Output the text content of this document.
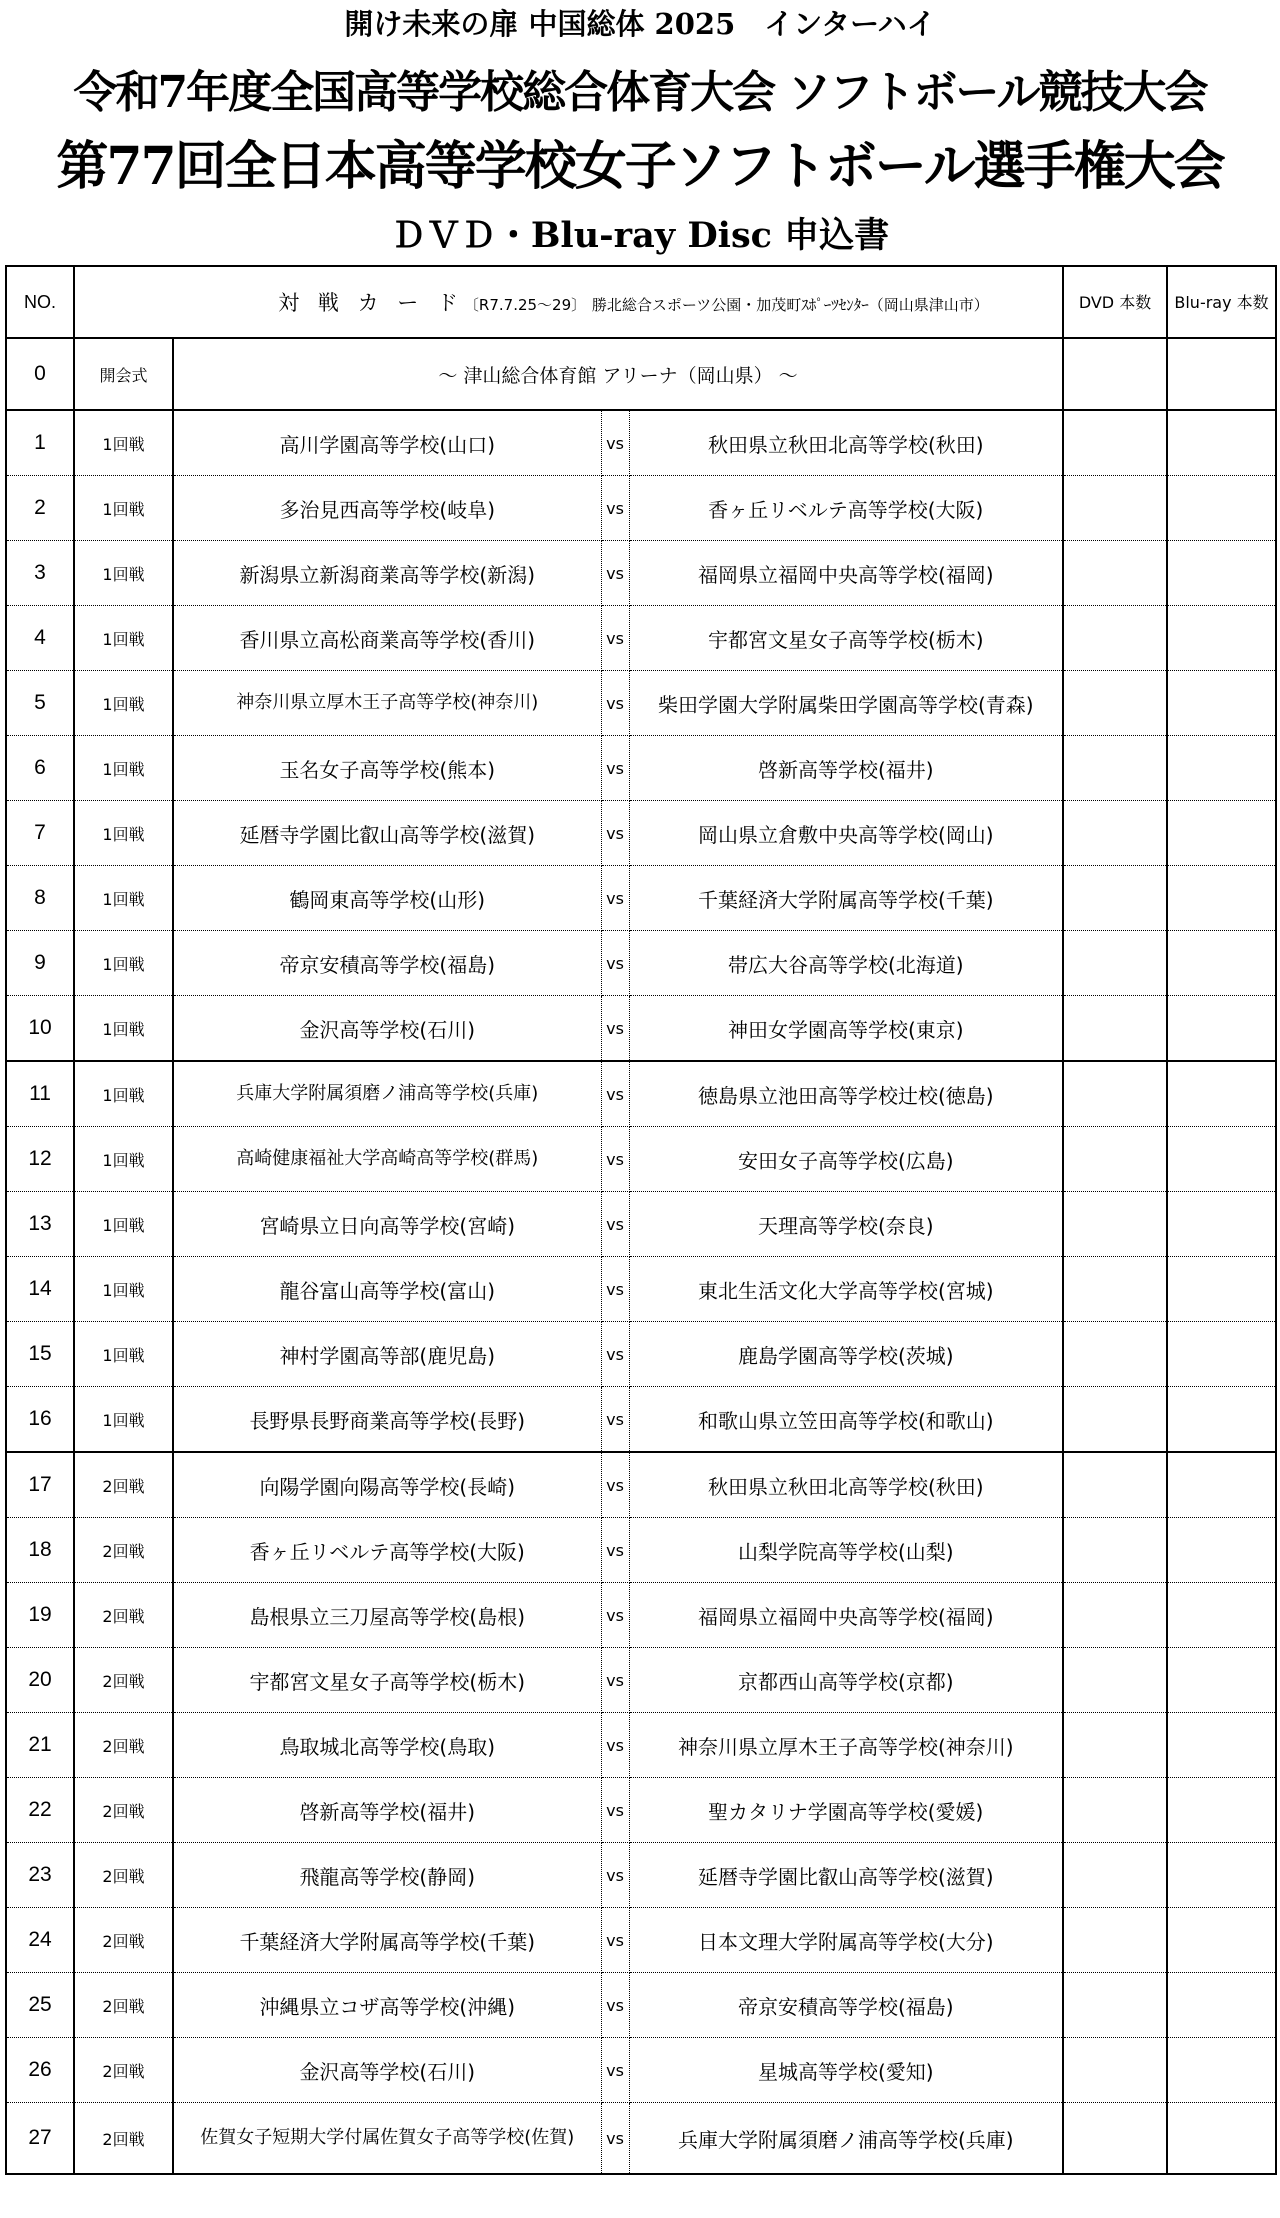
開け未来の扉 中国総体 2025　インターハイ
令和7年度全国高等学校総合体育大会 ソフトボール競技大会
第77回全日本高等学校女子ソフトボール選手権大会
ＤＶＤ・Blu-ray Disc 申込書
NO.	対 戦 カ ー ド〔R7.7.25～29〕 勝北総合スポーツ公園・加茂町ｽﾎﾟｰﾂｾﾝﾀｰ（岡山県津山市）				DVD 本数	Blu-ray 本数
0	開会式	～ 津山総合体育館 アリーナ（岡山県） ～				
1	1回戦	高川学園高等学校(山口)	vs	秋田県立秋田北高等学校(秋田)		
2	1回戦	多治見西高等学校(岐阜)	vs	香ヶ丘リベルテ高等学校(大阪)		
3	1回戦	新潟県立新潟商業高等学校(新潟)	vs	福岡県立福岡中央高等学校(福岡)		
4	1回戦	香川県立高松商業高等学校(香川)	vs	宇都宮文星女子高等学校(栃木)		
5	1回戦	神奈川県立厚木王子高等学校(神奈川)	vs	柴田学園大学附属柴田学園高等学校(青森)		
6	1回戦	玉名女子高等学校(熊本)	vs	啓新高等学校(福井)		
7	1回戦	延暦寺学園比叡山高等学校(滋賀)	vs	岡山県立倉敷中央高等学校(岡山)		
8	1回戦	鶴岡東高等学校(山形)	vs	千葉経済大学附属高等学校(千葉)		
9	1回戦	帝京安積高等学校(福島)	vs	帯広大谷高等学校(北海道)		
10	1回戦	金沢高等学校(石川)	vs	神田女学園高等学校(東京)		
11	1回戦	兵庫大学附属須磨ノ浦高等学校(兵庫)	vs	徳島県立池田高等学校辻校(徳島)		
12	1回戦	高崎健康福祉大学高崎高等学校(群馬)	vs	安田女子高等学校(広島)		
13	1回戦	宮崎県立日向高等学校(宮崎)	vs	天理高等学校(奈良)		
14	1回戦	龍谷富山高等学校(富山)	vs	東北生活文化大学高等学校(宮城)		
15	1回戦	神村学園高等部(鹿児島)	vs	鹿島学園高等学校(茨城)		
16	1回戦	長野県長野商業高等学校(長野)	vs	和歌山県立笠田高等学校(和歌山)		
17	2回戦	向陽学園向陽高等学校(長崎)	vs	秋田県立秋田北高等学校(秋田)		
18	2回戦	香ヶ丘リベルテ高等学校(大阪)	vs	山梨学院高等学校(山梨)		
19	2回戦	島根県立三刀屋高等学校(島根)	vs	福岡県立福岡中央高等学校(福岡)		
20	2回戦	宇都宮文星女子高等学校(栃木)	vs	京都西山高等学校(京都)		
21	2回戦	鳥取城北高等学校(鳥取)	vs	神奈川県立厚木王子高等学校(神奈川)		
22	2回戦	啓新高等学校(福井)	vs	聖カタリナ学園高等学校(愛媛)		
23	2回戦	飛龍高等学校(静岡)	vs	延暦寺学園比叡山高等学校(滋賀)		
24	2回戦	千葉経済大学附属高等学校(千葉)	vs	日本文理大学附属高等学校(大分)		
25	2回戦	沖縄県立コザ高等学校(沖縄)	vs	帝京安積高等学校(福島)		
26	2回戦	金沢高等学校(石川)	vs	星城高等学校(愛知)		
27	2回戦	佐賀女子短期大学付属佐賀女子高等学校(佐賀)	vs	兵庫大学附属須磨ノ浦高等学校(兵庫)		
